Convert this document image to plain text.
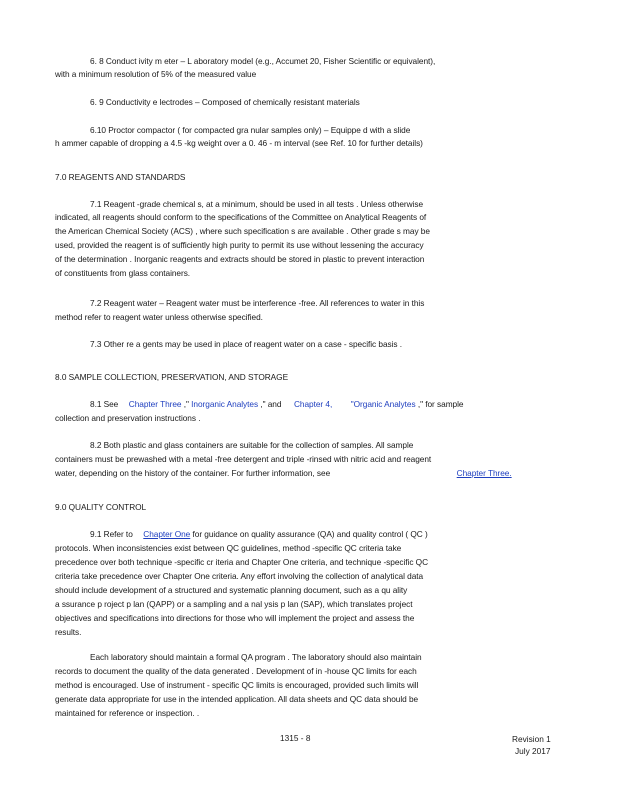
6. 8 Conduct ivity m eter – L aboratory model (e.g., Accumet 20, Fisher Scientific or equivalent),
with a minimum resolution of 5% of the measured value
6. 9 Conductivity e lectrodes – Composed of chemically resistant materials
6.10 Proctor compactor ( for compacted gra nular samples only) – Equippe d with a slide
h ammer capable of dropping a 4.5 -kg weight over a 0. 46 - m interval (see Ref. 10 for further details)
7.0 REAGENTS AND STANDARDS
7.1 Reagent -grade chemical s, at a minimum, should be used in all tests . Unless otherwise
indicated, all reagents should conform to the specifications of the Committee on Analytical Reagents of
the American Chemical Society (ACS) , where such specification s are available . Other grade s may be
used, provided the reagent is of sufficiently high purity to permit its use without lessening the accuracy
of the determination . Inorganic reagents and extracts should be stored in plastic to prevent interaction
of constituents from glass containers.
7.2 Reagent water – Reagent water must be interference -free. All references to water in this
method refer to reagent water unless otherwise specified.
7.3 Other re a gents may be used in place of reagent water on a case - specific basis .
8.0 SAMPLE COLLECTION, PRESERVATION, AND STORAGE
8.1 See Chapter Three ," Inorganic Analytes ," and Chapter 4, "Organic Analytes ," for sample
collection and preservation instructions .
8.2 Both plastic and glass containers are suitable for the collection of samples. All sample
containers must be prewashed with a metal -free detergent and triple -rinsed with nitric acid and reagent
water, depending on the history of the container. For further information, see	Chapter Three.
9.0 QUALITY CONTROL
9.1 Refer to Chapter One for guidance on quality assurance (QA) and quality control ( QC )
protocols. When inconsistencies exist between QC guidelines, method -specific QC criteria take
precedence over both technique -specific cr iteria and Chapter One criteria, and technique -specific QC
criteria take precedence over Chapter One criteria. Any effort involving the collection of analytical data
should include development of a structured and systematic planning document, such as a qu ality
a ssurance p roject p lan (QAPP) or a sampling and a nal ysis p lan (SAP), which translates project
objectives and specifications into directions for those who will implement the project and assess the
results.
Each laboratory should maintain a formal QA program . The laboratory should also maintain
records to document the quality of the data generated . Development of in -house QC limits for each
method is encouraged. Use of instrument - specific QC limits is encouraged, provided such limits will
generate data appropriate for use in the intended application. All data sheets and QC data should be
maintained for reference or inspection. .
1315 - 8	Revision 1
July 2017
